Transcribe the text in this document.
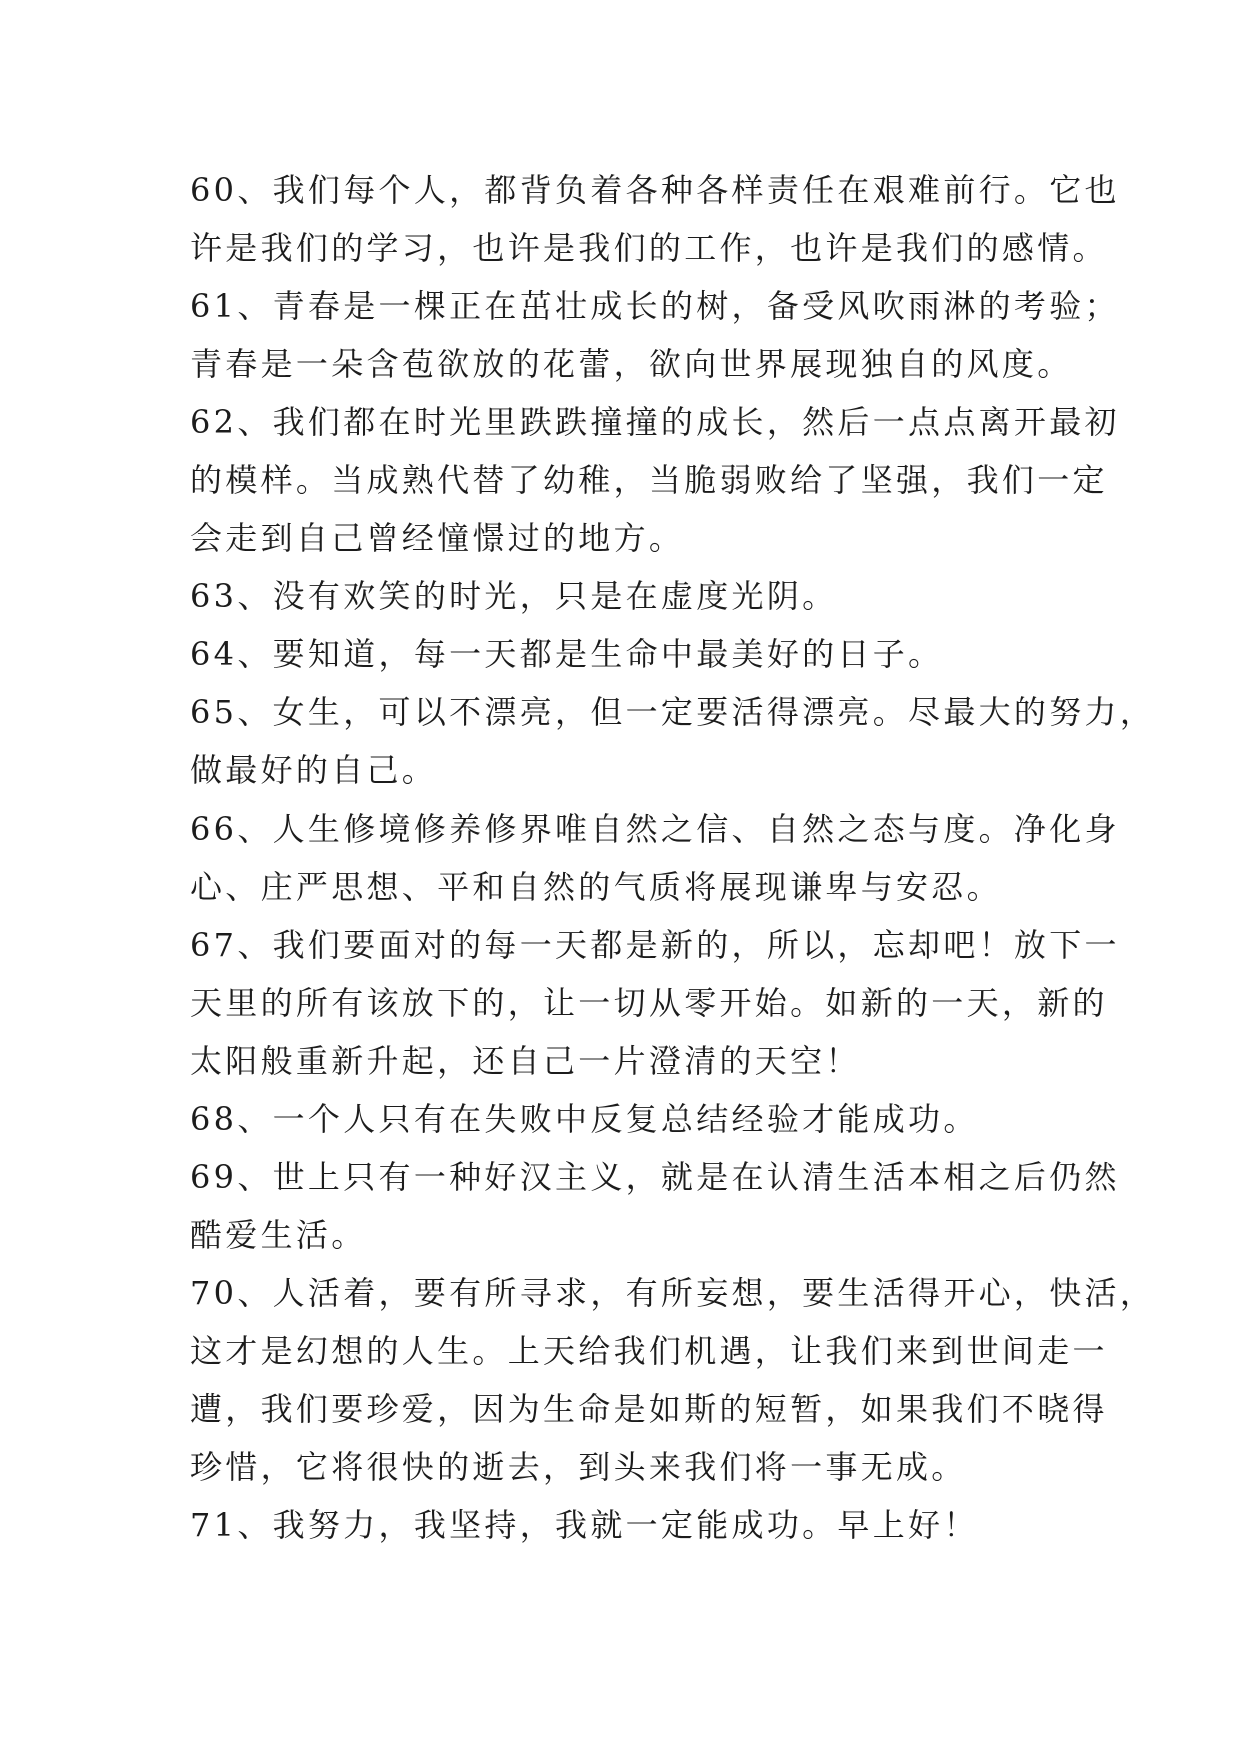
60、我们每个人，都背负着各种各样责任在艰难前行。它也
许是我们的学习，也许是我们的工作，也许是我们的感情。
61、青春是一棵正在茁壮成长的树，备受风吹雨淋的考验；
青春是一朵含苞欲放的花蕾，欲向世界展现独自的风度。
62、我们都在时光里跌跌撞撞的成长，然后一点点离开最初
的模样。当成熟代替了幼稚，当脆弱败给了坚强，我们一定
会走到自己曾经憧憬过的地方。
63、没有欢笑的时光，只是在虚度光阴。
64、要知道，每一天都是生命中最美好的日子。
65、女生，可以不漂亮，但一定要活得漂亮。尽最大的努力，
做最好的自己。
66、人生修境修养修界唯自然之信、自然之态与度。净化身
心、庄严思想、平和自然的气质将展现谦卑与安忍。
67、我们要面对的每一天都是新的，所以，忘却吧！放下一
天里的所有该放下的，让一切从零开始。如新的一天，新的
太阳般重新升起，还自己一片澄清的天空！
68、一个人只有在失败中反复总结经验才能成功。
69、世上只有一种好汉主义，就是在认清生活本相之后仍然
酷爱生活。
70、人活着，要有所寻求，有所妄想，要生活得开心，快活，
这才是幻想的人生。上天给我们机遇，让我们来到世间走一
遭，我们要珍爱，因为生命是如斯的短暂，如果我们不晓得
珍惜，它将很快的逝去，到头来我们将一事无成。
71、我努力，我坚持，我就一定能成功。早上好！
